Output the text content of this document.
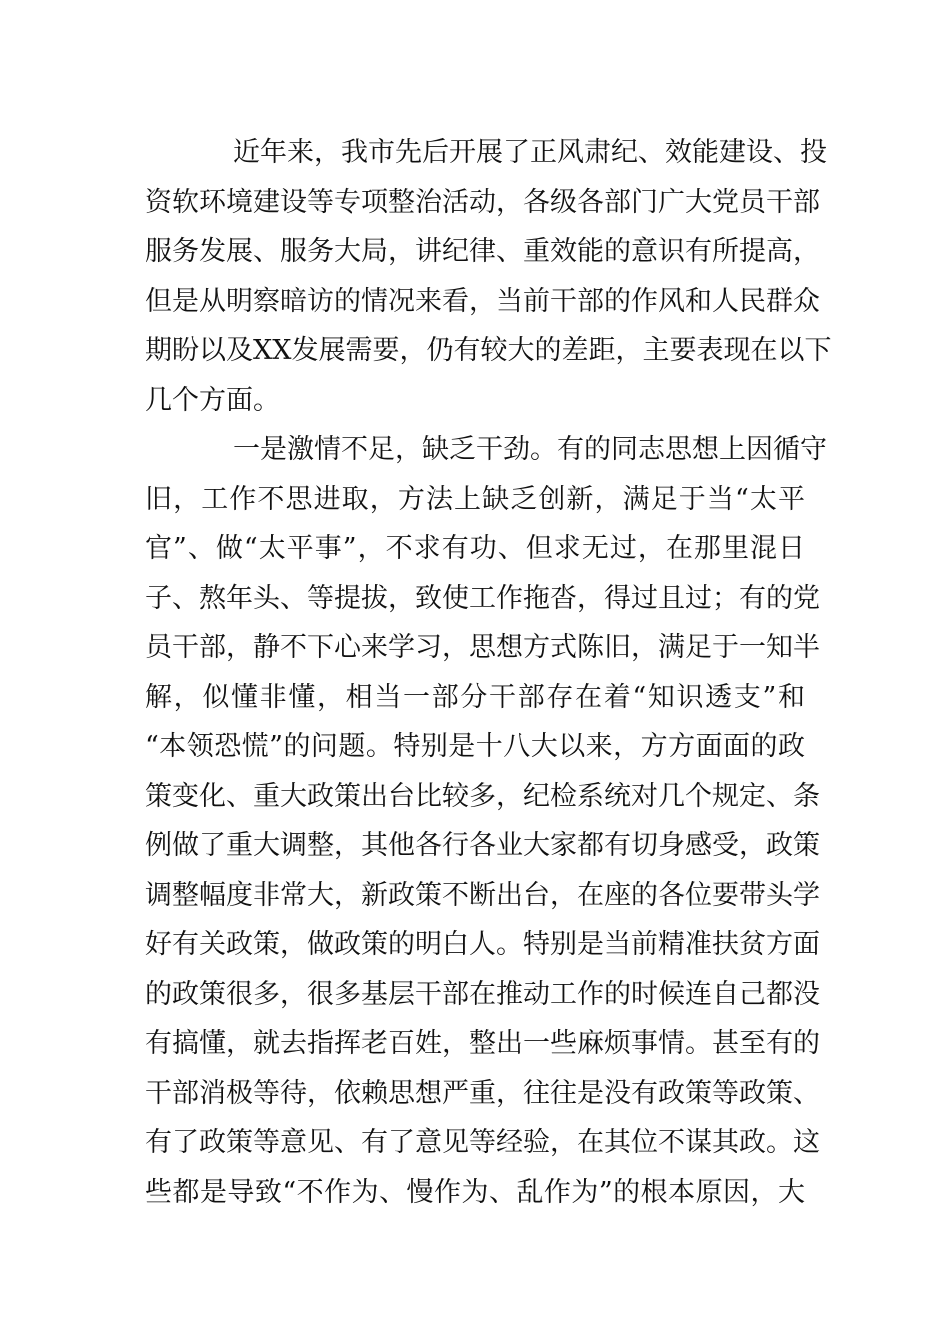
近年来，我市先后开展了正风肃纪、效能建设、投
资软环境建设等专项整治活动，各级各部门广大党员干部
服务发展、服务大局，讲纪律、重效能的意识有所提高，
但是从明察暗访的情况来看，当前干部的作风和人民群众
期盼以及XX发展需要，仍有较大的差距，主要表现在以下
几个方面。
一是激情不足，缺乏干劲。有的同志思想上因循守
旧，工作不思进取，方法上缺乏创新，满足于当“太平
官”、做“太平事”，不求有功、但求无过，在那里混日
子、熬年头、等提拔，致使工作拖沓，得过且过；有的党
员干部，静不下心来学习，思想方式陈旧，满足于一知半
解，似懂非懂，相当一部分干部存在着“知识透支”和
“本领恐慌”的问题。特别是十八大以来，方方面面的政
策变化、重大政策出台比较多，纪检系统对几个规定、条
例做了重大调整，其他各行各业大家都有切身感受，政策
调整幅度非常大，新政策不断出台，在座的各位要带头学
好有关政策，做政策的明白人。特别是当前精准扶贫方面
的政策很多，很多基层干部在推动工作的时候连自己都没
有搞懂，就去指挥老百姓，整出一些麻烦事情。甚至有的
干部消极等待，依赖思想严重，往往是没有政策等政策、
有了政策等意见、有了意见等经验，在其位不谋其政。这
些都是导致“不作为、慢作为、乱作为”的根本原因，大
